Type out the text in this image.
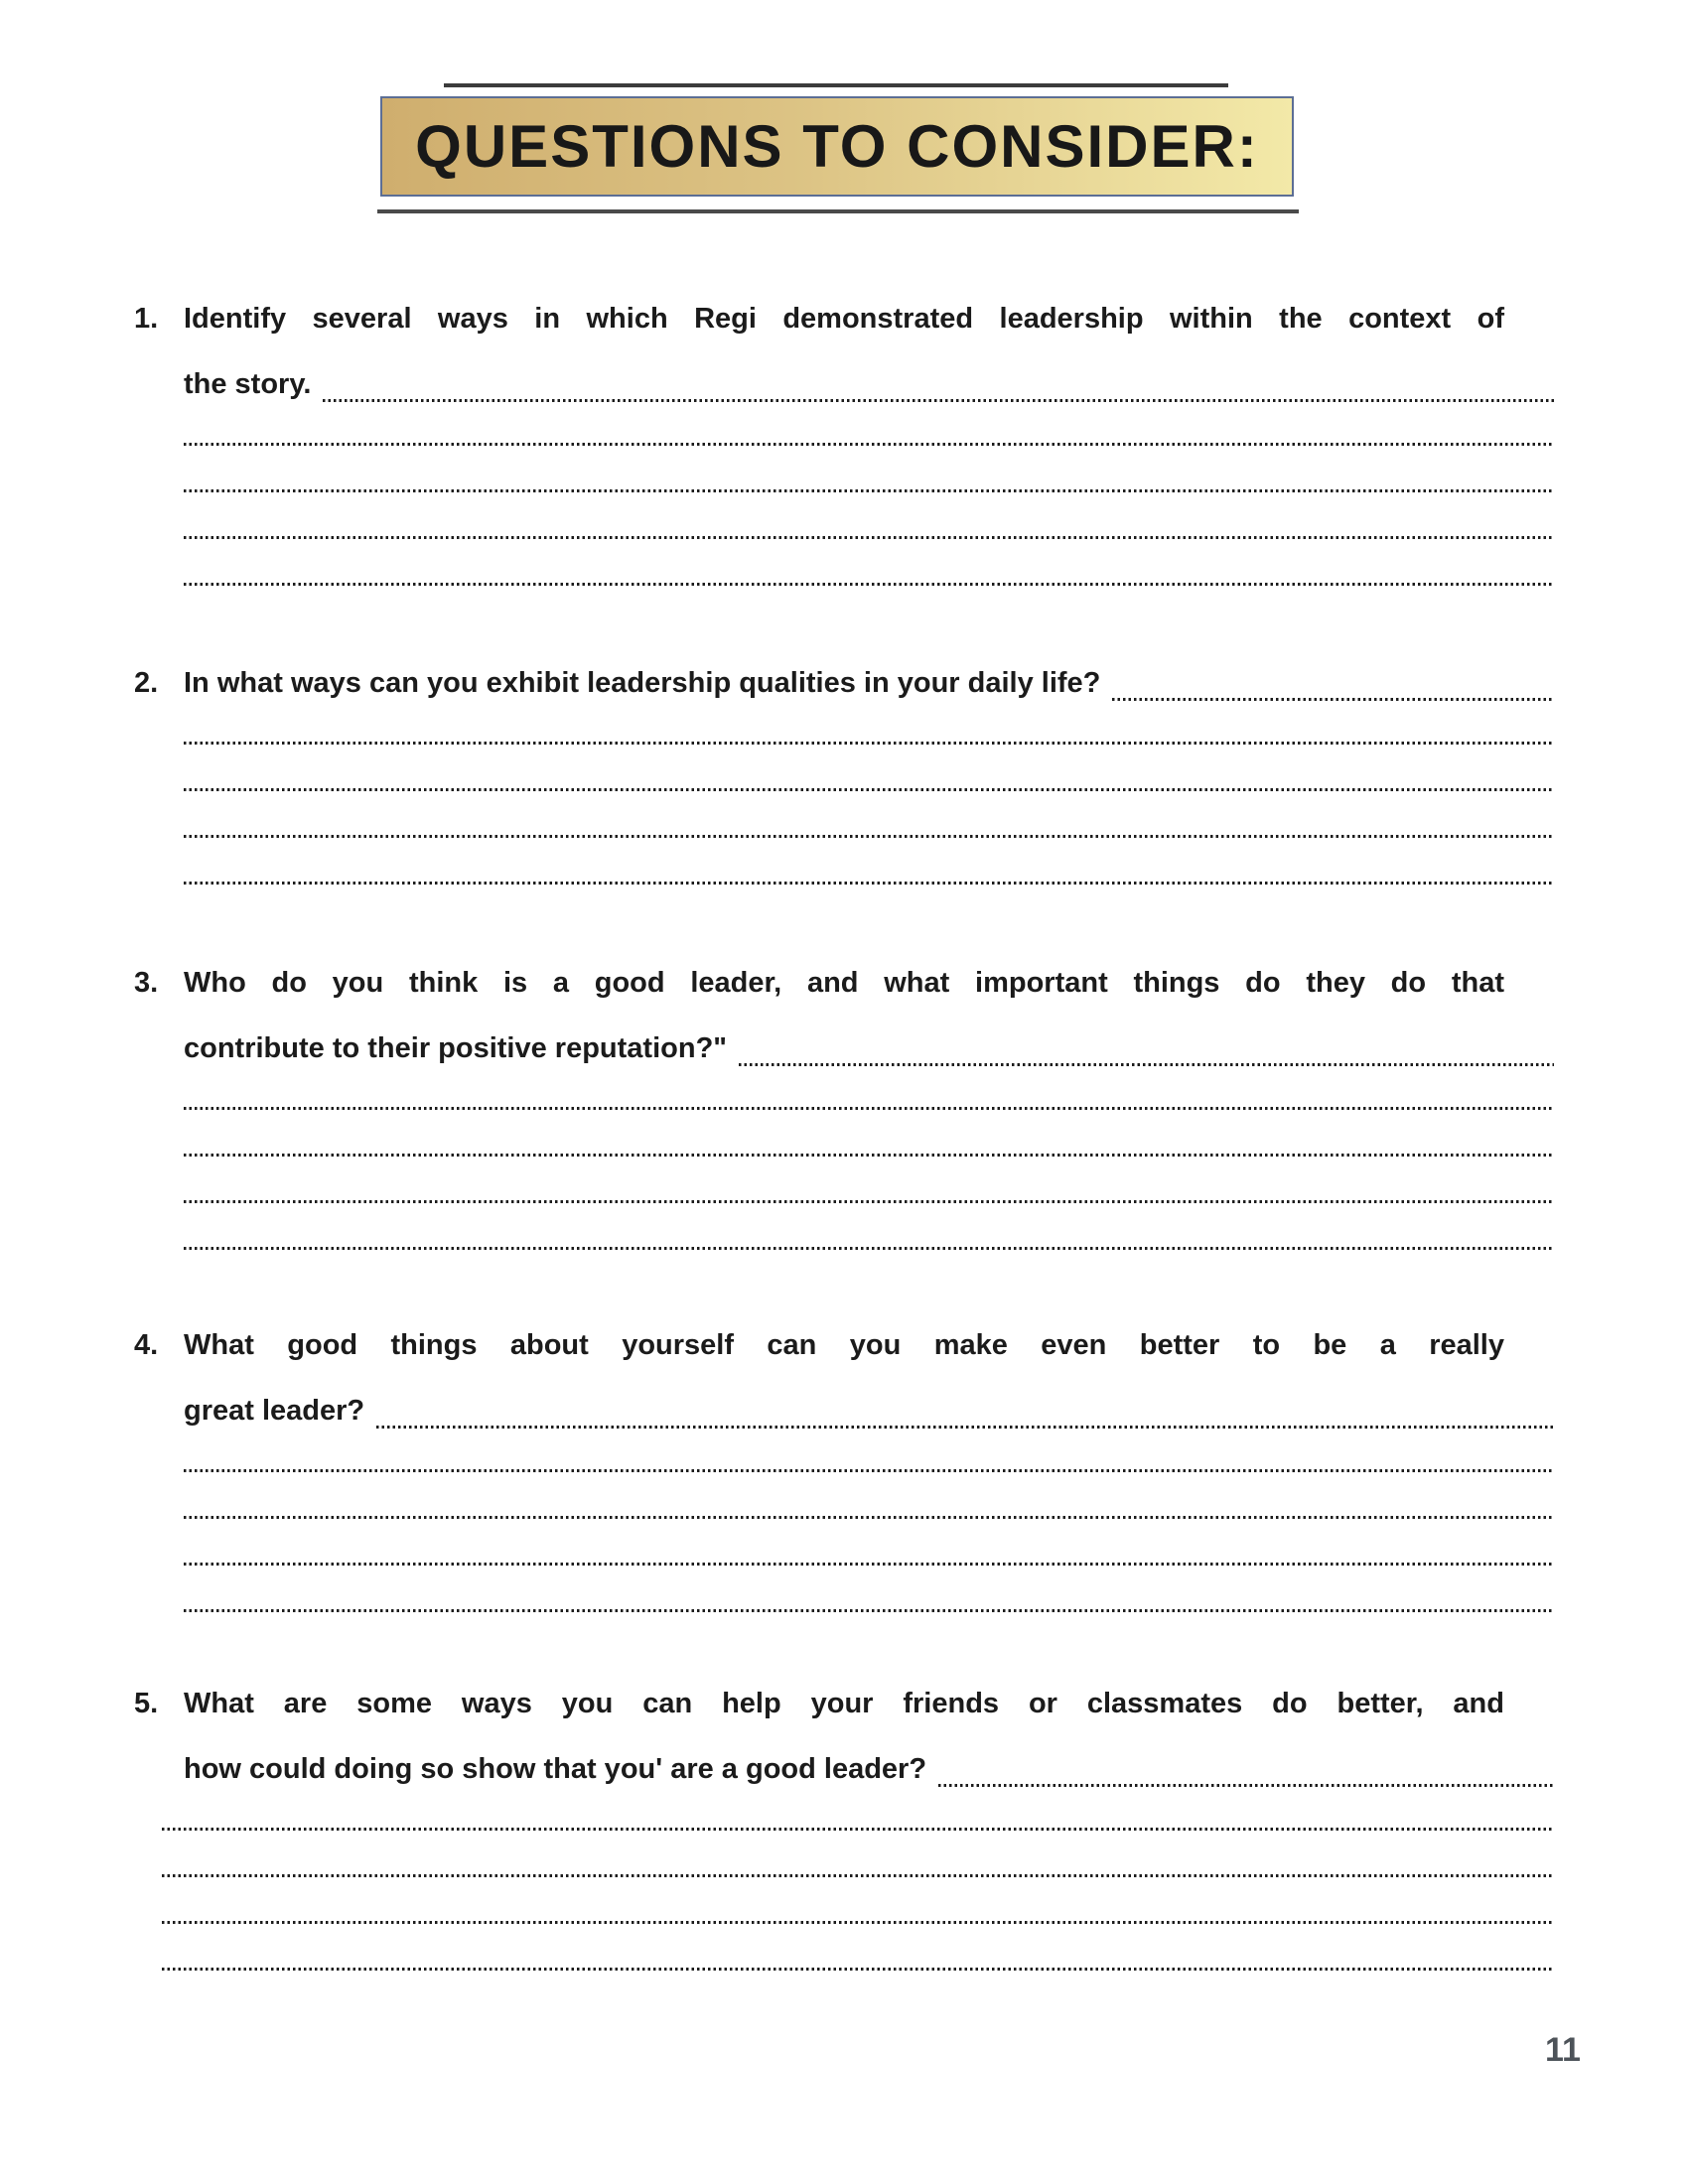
QUESTIONS TO CONSIDER:
1. Identify several ways in which Regi demonstrated leadership within the context of
the story.
2. In what ways can you exhibit leadership qualities in your daily life?
3. Who do you think is a good leader, and what important things do they do that
contribute to their positive reputation?"
4. What good things about yourself can you make even better to be a really
great leader?
5. What are some ways you can help your friends or classmates do better, and
how could doing so show that you' are a good leader?
11
